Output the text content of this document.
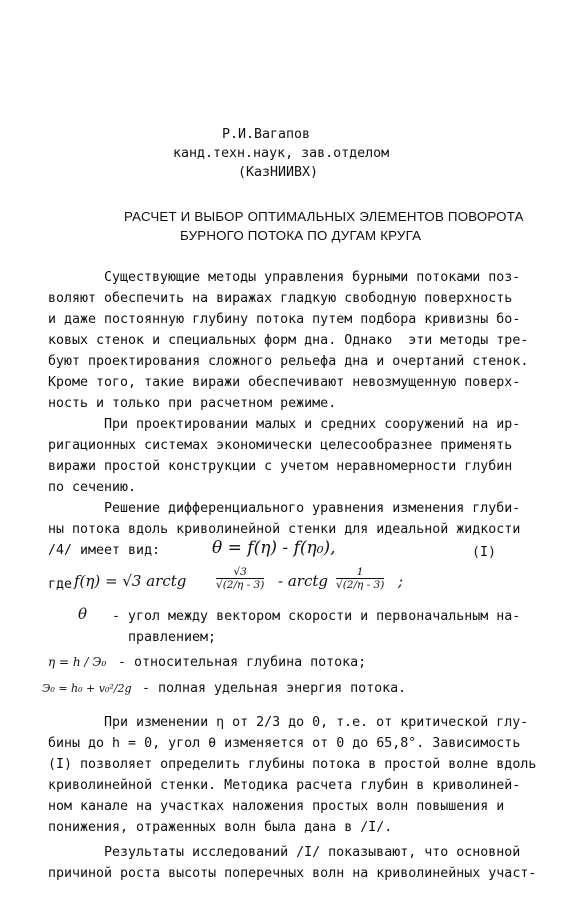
Р.И.Вагапов
канд.техн.наук, зав.отделом
(КазНИИВХ)
РАСЧЕТ И ВЫБОР ОПТИМАЛЬНЫХ ЭЛЕМЕНТОВ ПОВОРОТА
БУРНОГО ПОТОКА ПО ДУГАМ КРУГА
Существующие методы управления бурными потоками поз-
воляют обеспечить на виражах гладкую свободную поверхность
и даже постоянную глубину потока путем подбора кривизны бо-
ковых стенок и специальных форм дна. Однако  эти методы тре-
буют проектирования сложного рельефа дна и очертаний стенок.
Кроме того, такие виражи обеспечивают невозмущенную поверх-
ность и только при расчетном режиме.
При проектировании малых и средних сооружений на ир-
ригационных системах экономически целесообразнее применять
виражи простой конструкции с учетом неравномерности глубин
по сечению.
Решение дифференциального уравнения изменения глуби-
ны потока вдоль криволинейной стенки для идеальной жидкости
/4/ имеет вид:	θ = f(η) - f(η₀),	(I)
где f(η) = √3 arctg	$\frac{√3}{√(2/\eta - 3)}$ - arctg $\frac{1}{√(2/\eta - 3)}$ ;
θ - угол между вектором скорости и первоначальным на-
правлением;
η = h / Э₀ - относительная глубина потока;
Э₀ = h₀ + v₀²/2g - полная удельная энергия потока.
При изменении η от 2/3 до 0, т.е. от критической глу-
бины до h = 0, угол θ изменяется от 0 до 65,8°. Зависимость
(I) позволяет определить глубины потока в простой волне вдоль
криволинейной стенки. Методика расчета глубин в криволиней-
ном канале на участках наложения простых волн повышения и
понижения, отраженных волн была дана в /I/.
Результаты исследований /I/ показывают, что основной
причиной роста высоты поперечных волн на криволинейных участ-
